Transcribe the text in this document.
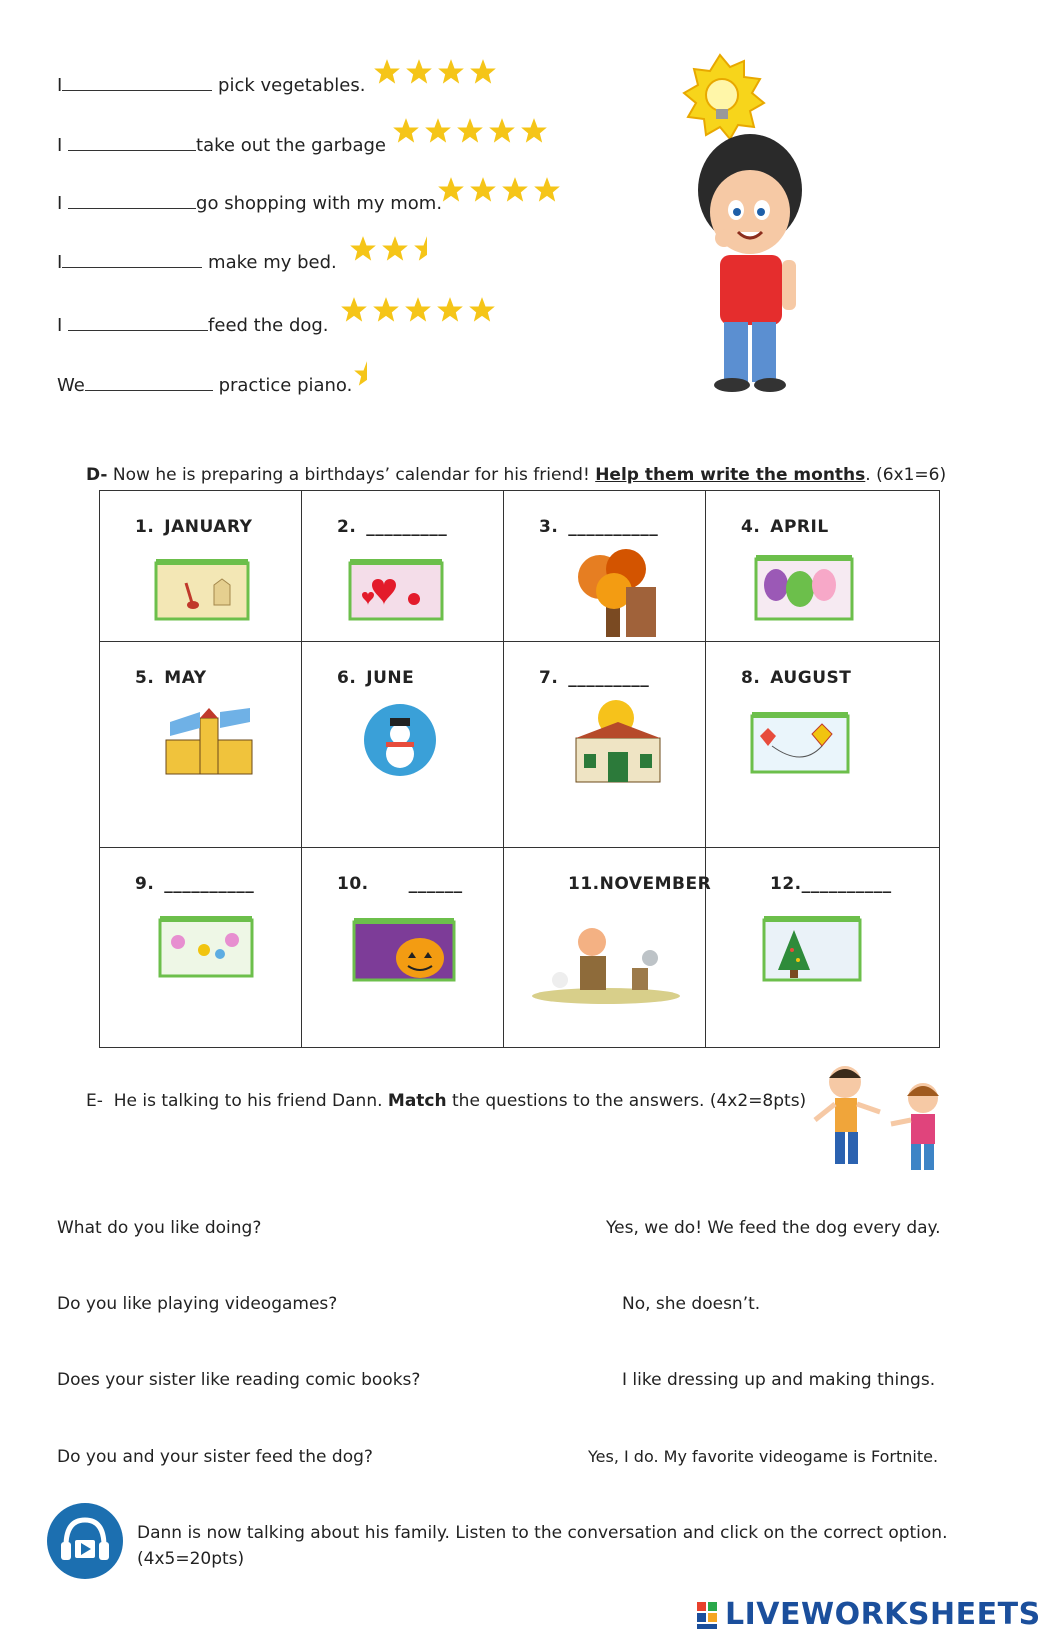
I	pick vegetables.
I	take out the garbage
I	go shopping with my mom.
I	make my bed.
I	feed the dog.
We	practice piano.
D- Now he is preparing a birthdays’ calendar for his friend! Help them write the months. (6x1=6)
1. JANUARY	2. _________	3. __________	4. APRIL
5. MAY	6. JUNE	7. _________	8. AUGUST
9. __________	10. ______	11.NOVEMBER	12.__________
E- He is talking to his friend Dann. Match the questions to the answers. (4x2=8pts)
What do you like doing?
Do you like playing videogames?
Does your sister like reading comic books?
Do you and your sister feed the dog?
Yes, we do! We feed the dog every day.
No, she doesn’t.
I like dressing up and making things.
Yes, I do. My favorite videogame is Fortnite.
Dann is now talking about his family. Listen to the conversation and click on the correct option.
(4x5=20pts)
LIVEWORKSHEETS
